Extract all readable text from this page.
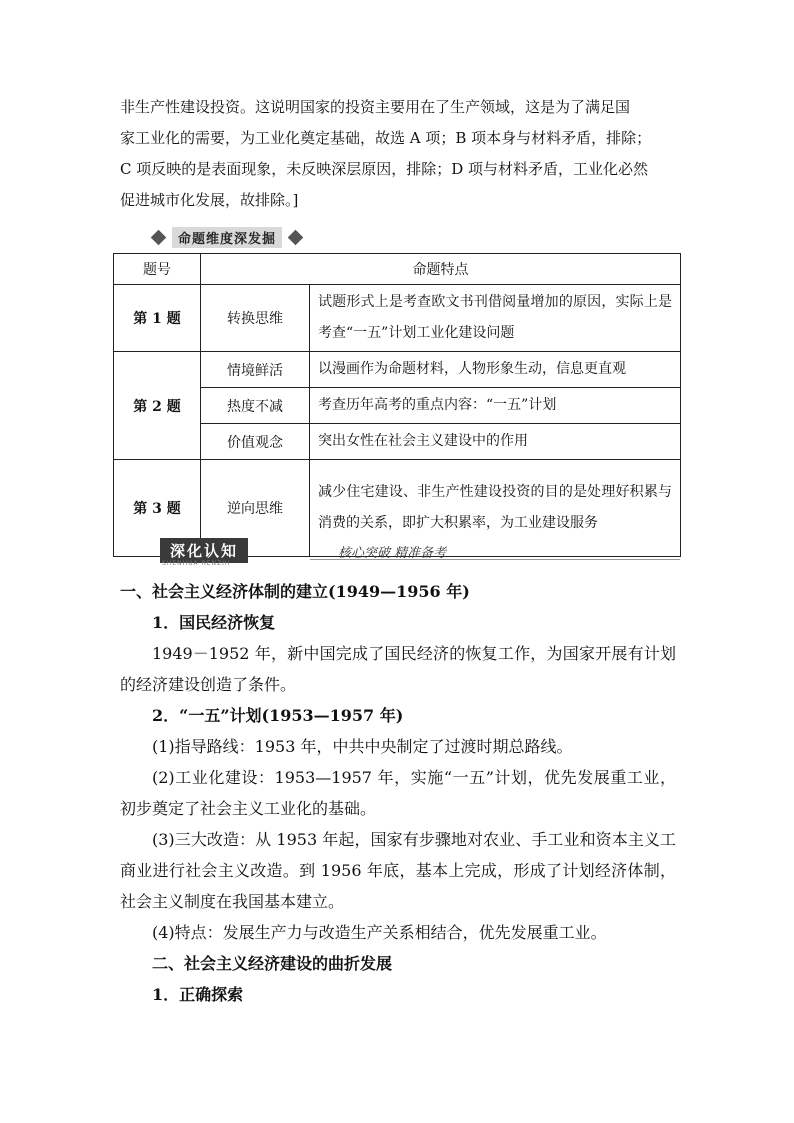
非生产性建设投资。这说明国家的投资主要用在了生产领域，这是为了满足国

家工业化的需要，为工业化奠定基础，故选 A 项；B 项本身与材料矛盾，排除；

C 项反映的是表面现象，未反映深层原因，排除；D 项与材料矛盾，工业化必然

促进城市化发展，故排除。]

命题维度深发掘
题号	命题特点	
第 1 题	转换思维	试题形式上是考查欧文书刊借阅量增加的原因，实际上是考查“一五”计划工业化建设问题
第 2 题	情境鲜活	以漫画作为命题材料，人物形象生动，信息更直观
	热度不减	考查历年高考的重点内容：“一五”计划
	价值观念	突出女性在社会主义建设中的作用
第 3 题	逆向思维	减少住宅建设、非生产性建设投资的目的是处理好积累与消费的关系，即扩大积累率，为工业建设服务
深化认知
SHENHUA RENZHI
核心突破 精准备考

一、社会主义经济体制的建立(1949—1956 年)

1．国民经济恢复

1949－1952 年，新中国完成了国民经济的恢复工作，为国家开展有计划的经济建设创造了条件。

2．“一五”计划(1953—1957 年)

(1)指导路线：1953 年，中共中央制定了过渡时期总路线。

(2)工业化建设：1953—1957 年，实施“一五”计划，优先发展重工业，初步奠定了社会主义工业化的基础。

(3)三大改造：从 1953 年起，国家有步骤地对农业、手工业和资本主义工商业进行社会主义改造。到 1956 年底，基本上完成，形成了计划经济体制，社会主义制度在我国基本建立。

(4)特点：发展生产力与改造生产关系相结合，优先发展重工业。

二、社会主义经济建设的曲折发展

1．正确探索
